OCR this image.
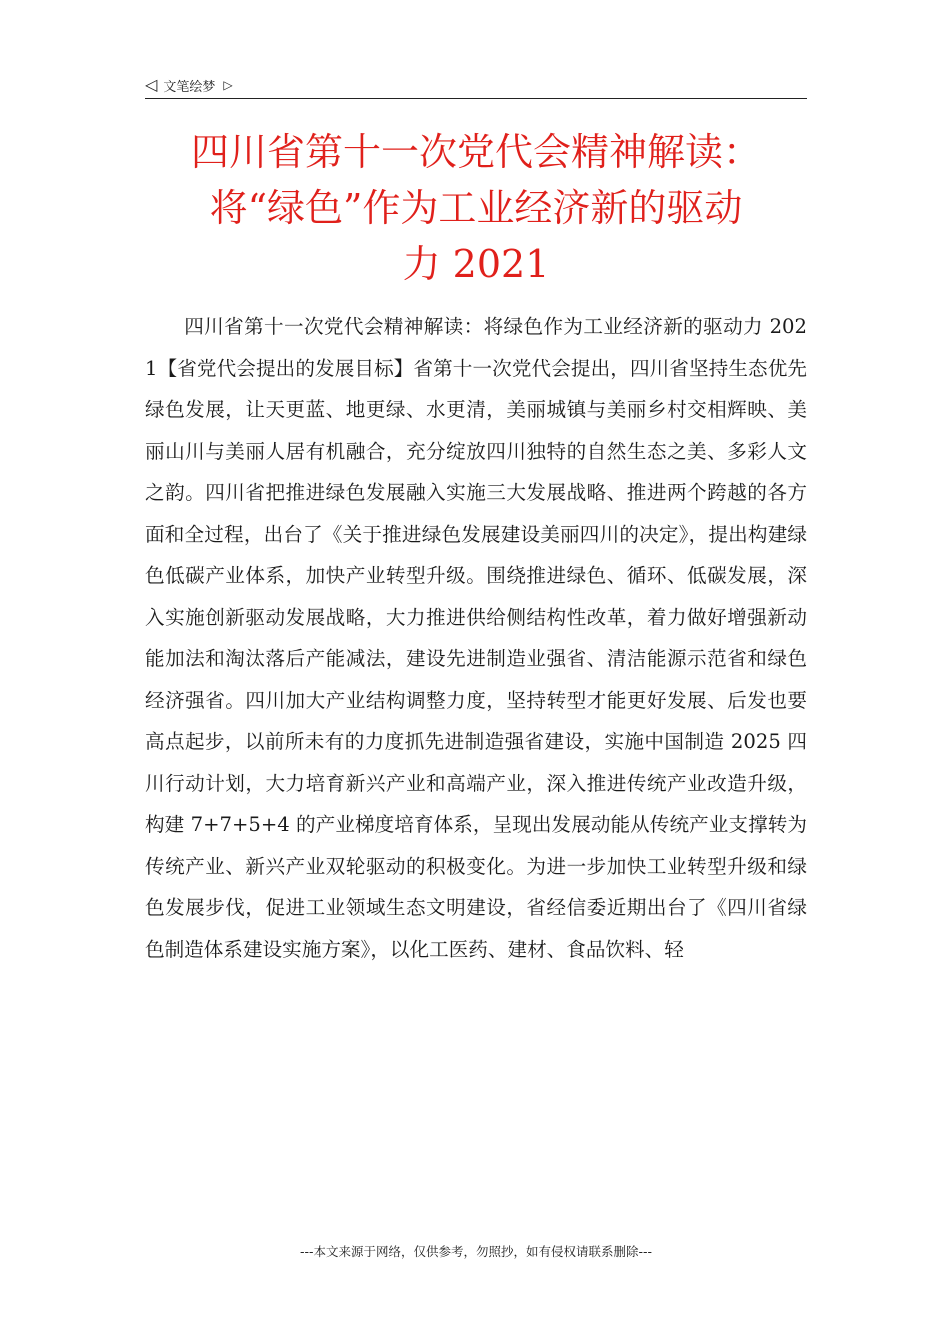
◁ 文笔绘梦 ▷
四川省第十一次党代会精神解读：
将“绿色”作为工业经济新的驱动
力 2021

四川省第十一次党代会精神解读：将绿色作为工业经济新的驱动力 2021【省党代会提出的发展目标】省第十一次党代会提出，四川省坚持生态优先绿色发展，让天更蓝、地更绿、水更清，美丽城镇与美丽乡村交相辉映、美丽山川与美丽人居有机融合，充分绽放四川独特的自然生态之美、多彩人文之韵。四川省把推进绿色发展融入实施三大发展战略、推进两个跨越的各方面和全过程，出台了《关于推进绿色发展建设美丽四川的决定》，提出构建绿色低碳产业体系，加快产业转型升级。围绕推进绿色、循环、低碳发展，深入实施创新驱动发展战略，大力推进供给侧结构性改革，着力做好增强新动能加法和淘汰落后产能减法，建设先进制造业强省、清洁能源示范省和绿色经济强省。四川加大产业结构调整力度，坚持转型才能更好发展、后发也要高点起步，以前所未有的力度抓先进制造强省建设，实施中国制造 2025 四川行动计划，大力培育新兴产业和高端产业，深入推进传统产业改造升级，构建 7+7+5+4 的产业梯度培育体系，呈现出发展动能从传统产业支撑转为传统产业、新兴产业双轮驱动的积极变化。为进一步加快工业转型升级和绿色发展步伐，促进工业领域生态文明建设，省经信委近期出台了《四川省绿色制造体系建设实施方案》，以化工医药、建材、食品饮料、轻

---本文来源于网络，仅供参考，勿照抄，如有侵权请联系删除---
